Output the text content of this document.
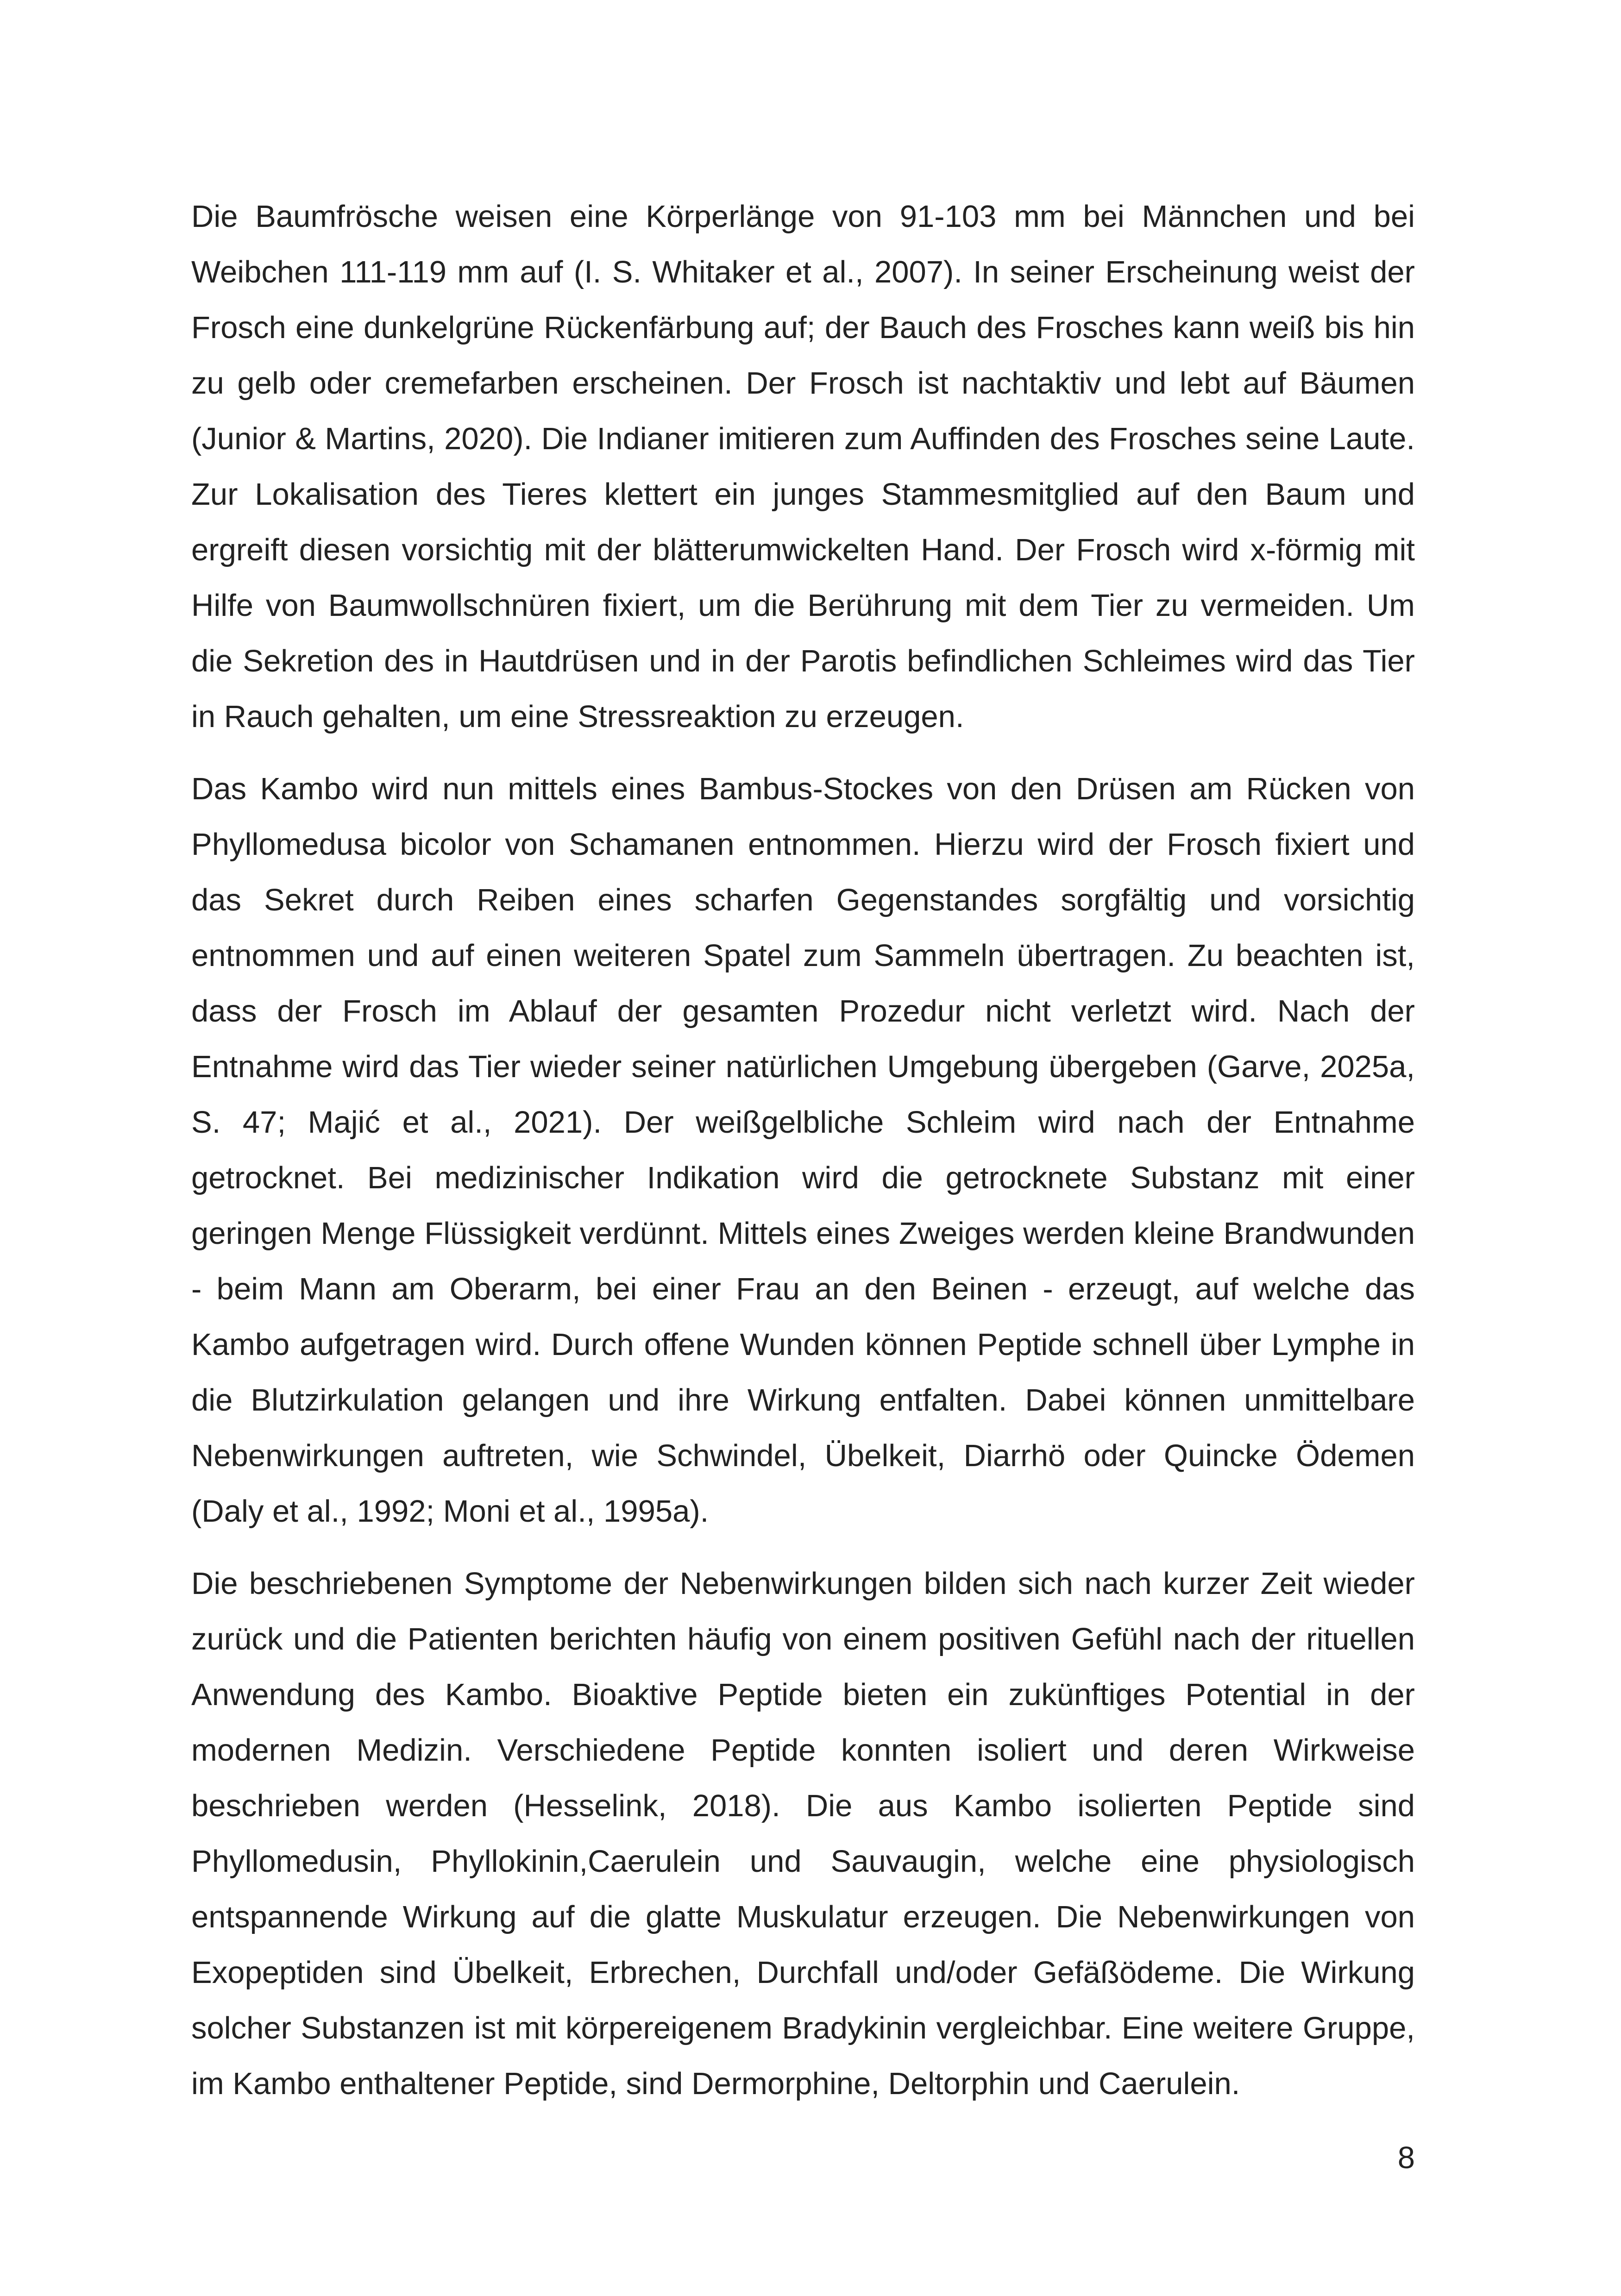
Die Baumfrösche weisen eine Körperlänge von 91-103 mm bei Männchen und bei Weibchen 111-119 mm auf (I. S. Whitaker et al., 2007). In seiner Erscheinung weist der Frosch eine dunkelgrüne Rückenfärbung auf; der Bauch des Frosches kann weiß bis hin zu gelb oder cremefarben erscheinen. Der Frosch ist nachtaktiv und lebt auf Bäumen (Junior & Martins, 2020). Die Indianer imitieren zum Auffinden des Frosches seine Laute. Zur Lokalisation des Tieres klettert ein junges Stammesmitglied auf den Baum und ergreift diesen vorsichtig mit der blätterumwickelten Hand. Der Frosch wird x-förmig mit Hilfe von Baumwollschnüren fixiert, um die Berührung mit dem Tier zu vermeiden. Um die Sekretion des in Hautdrüsen und in der Parotis befindlichen Schleimes wird das Tier in Rauch gehalten, um eine Stressreaktion zu erzeugen.

Das Kambo wird nun mittels eines Bambus-Stockes von den Drüsen am Rücken von Phyllomedusa bicolor von Schamanen entnommen. Hierzu wird der Frosch fixiert und das Sekret durch Reiben eines scharfen Gegenstandes sorgfältig und vorsichtig entnommen und auf einen weiteren Spatel zum Sammeln übertragen. Zu beachten ist, dass der Frosch im Ablauf der gesamten Prozedur nicht verletzt wird. Nach der Entnahme wird das Tier wieder seiner natürlichen Umgebung übergeben (Garve, 2025a, S. 47; Majić et al., 2021). Der weißgelbliche Schleim wird nach der Entnahme getrocknet. Bei medizinischer Indikation wird die getrocknete Substanz mit einer geringen Menge Flüssigkeit verdünnt. Mittels eines Zweiges werden kleine Brandwunden - beim Mann am Oberarm, bei einer Frau an den Beinen - erzeugt, auf welche das Kambo aufgetragen wird. Durch offene Wunden können Peptide schnell über Lymphe in die Blutzirkulation gelangen und ihre Wirkung entfalten. Dabei können unmittelbare Nebenwirkungen auftreten, wie Schwindel, Übelkeit, Diarrhö oder Quincke Ödemen (Daly et al., 1992; Moni et al., 1995a).

Die beschriebenen Symptome der Nebenwirkungen bilden sich nach kurzer Zeit wieder zurück und die Patienten berichten häufig von einem positiven Gefühl nach der rituellen Anwendung des Kambo. Bioaktive Peptide bieten ein zukünftiges Potential in der modernen Medizin. Verschiedene Peptide konnten isoliert und deren Wirkweise beschrieben werden (Hesselink, 2018). Die aus Kambo isolierten Peptide sind Phyllomedusin, Phyllokinin,Caerulein und Sauvaugin, welche eine physiologisch entspannende Wirkung auf die glatte Muskulatur erzeugen. Die Nebenwirkungen von Exopeptiden sind Übelkeit, Erbrechen, Durchfall und/oder Gefäßödeme. Die Wirkung solcher Substanzen ist mit körpereigenem Bradykinin vergleichbar. Eine weitere Gruppe, im Kambo enthaltener Peptide, sind Dermorphine, Deltorphin und Caerulein.

8
